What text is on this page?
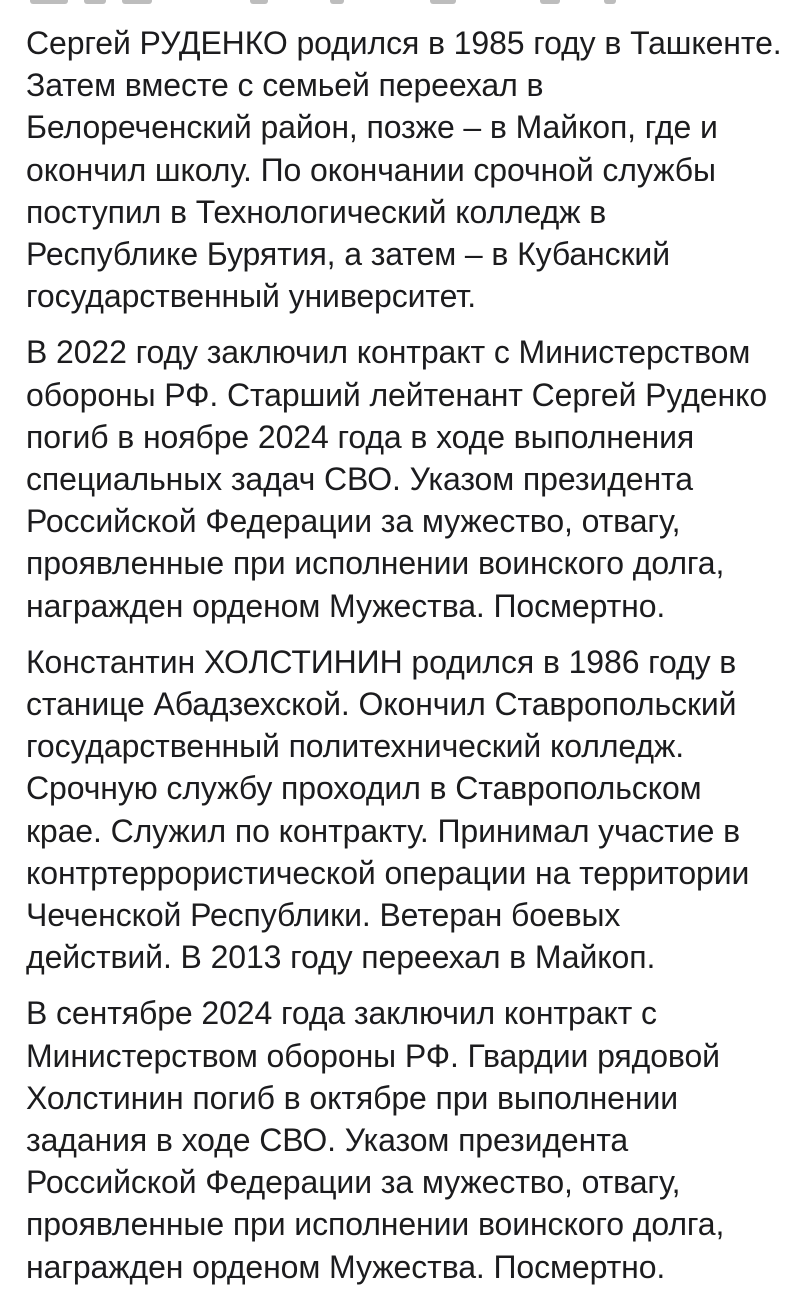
Сергей РУДЕНКО родился в 1985 году в Ташкенте.
Затем вместе с семьей переехал в
Белореченский район, позже – в Майкоп, где и
окончил школу. По окончании срочной службы
поступил в Технологический колледж в
Республике Бурятия, а затем – в Кубанский
государственный университет.

В 2022 году заключил контракт с Министерством
обороны РФ. Старший лейтенант Сергей Руденко
погиб в ноябре 2024 года в ходе выполнения
специальных задач СВО. Указом президента
Российской Федерации за мужество, отвагу,
проявленные при исполнении воинского долга,
награжден орденом Мужества. Посмертно.

Константин ХОЛСТИНИН родился в 1986 году в
станице Абадзехской. Окончил Ставропольский
государственный политехнический колледж.
Срочную службу проходил в Ставропольском
крае. Служил по контракту. Принимал участие в
контртеррористической операции на территории
Чеченской Республики. Ветеран боевых
действий. В 2013 году переехал в Майкоп.

В сентябре 2024 года заключил контракт с
Министерством обороны РФ. Гвардии рядовой
Холстинин погиб в октябре при выполнении
задания в ходе СВО. Указом президента
Российской Федерации за мужество, отвагу,
проявленные при исполнении воинского долга,
награжден орденом Мужества. Посмертно.
